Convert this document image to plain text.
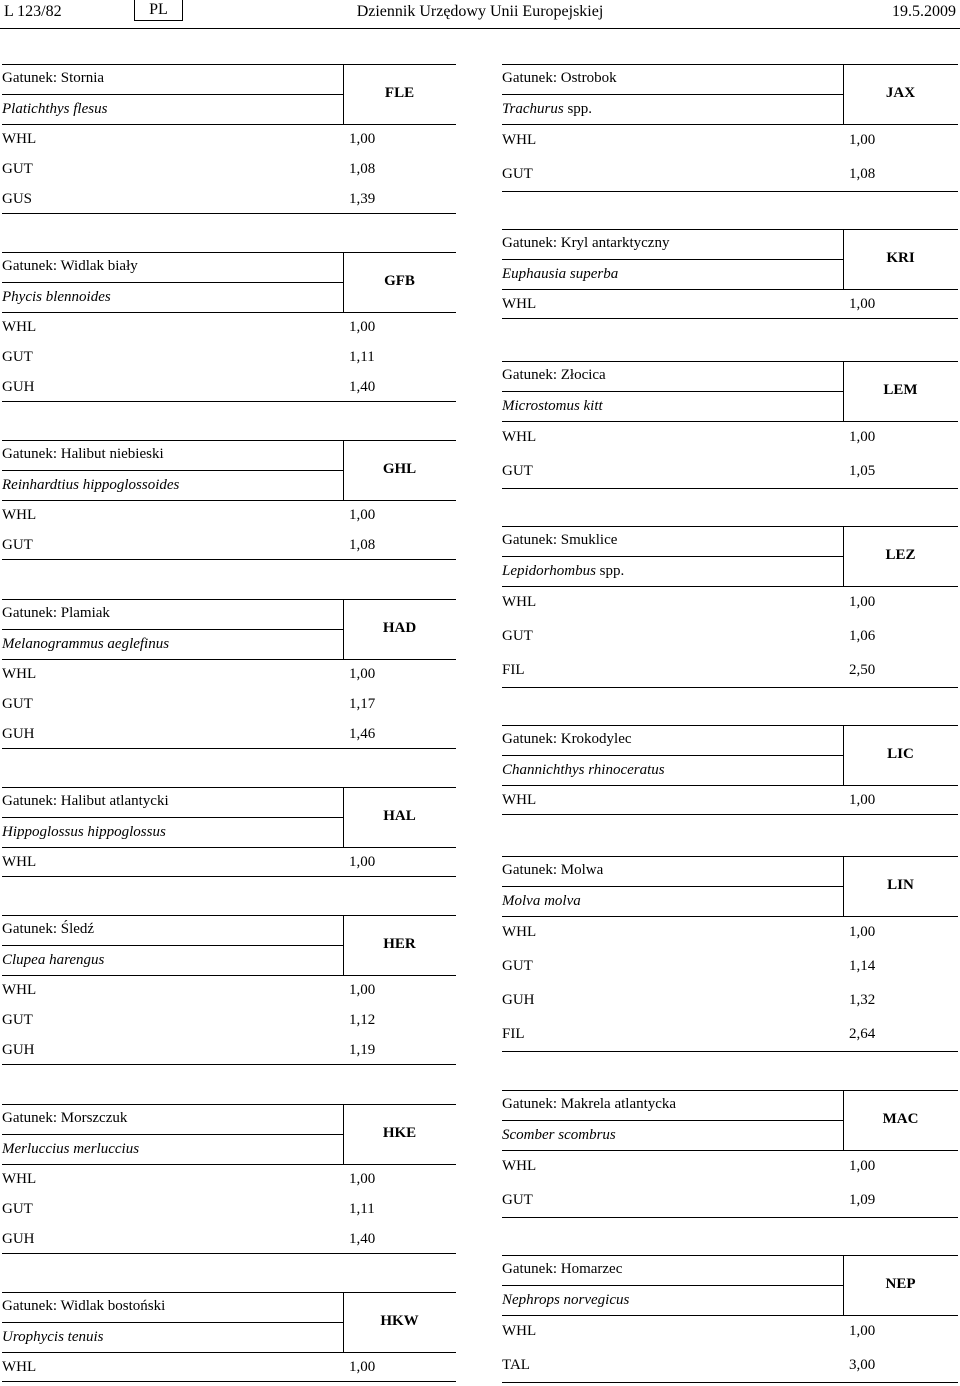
L 123/82	PL	Dziennik Urzędowy Unii Europejskiej	19.5.2009
Gatunek: Stornia
Platichthys flesus
FLE
WHL	1,00
GUT	1,08
GUS	1,39
Gatunek: Widlak biały
Phycis blennoides
GFB
WHL	1,00
GUT	1,11
GUH	1,40
Gatunek: Halibut niebieski
Reinhardtius hippoglossoides
GHL
WHL	1,00
GUT	1,08
Gatunek: Plamiak
Melanogrammus aeglefinus
HAD
WHL	1,00
GUT	1,17
GUH	1,46
Gatunek: Halibut atlantycki
Hippoglossus hippoglossus
HAL
WHL	1,00
Gatunek: Śledź
Clupea harengus
HER
WHL	1,00
GUT	1,12
GUH	1,19
Gatunek: Morszczuk
Merluccius merluccius
HKE
WHL	1,00
GUT	1,11
GUH	1,40
Gatunek: Widlak bostoński
Urophycis tenuis
HKW
WHL	1,00
Gatunek: Ostrobok
Trachurus spp.
JAX
WHL	1,00
GUT	1,08
Gatunek: Kryl antarktyczny
Euphausia superba
KRI
WHL	1,00
Gatunek: Złocica
Microstomus kitt
LEM
WHL	1,00
GUT	1,05
Gatunek: Smuklice
Lepidorhombus spp.
LEZ
WHL	1,00
GUT	1,06
FIL	2,50
Gatunek: Krokodylec
Channichthys rhinoceratus
LIC
WHL	1,00
Gatunek: Molwa
Molva molva
LIN
WHL	1,00
GUT	1,14
GUH	1,32
FIL	2,64
Gatunek: Makrela atlantycka
Scomber scombrus
MAC
WHL	1,00
GUT	1,09
Gatunek: Homarzec
Nephrops norvegicus
NEP
WHL	1,00
TAL	3,00
